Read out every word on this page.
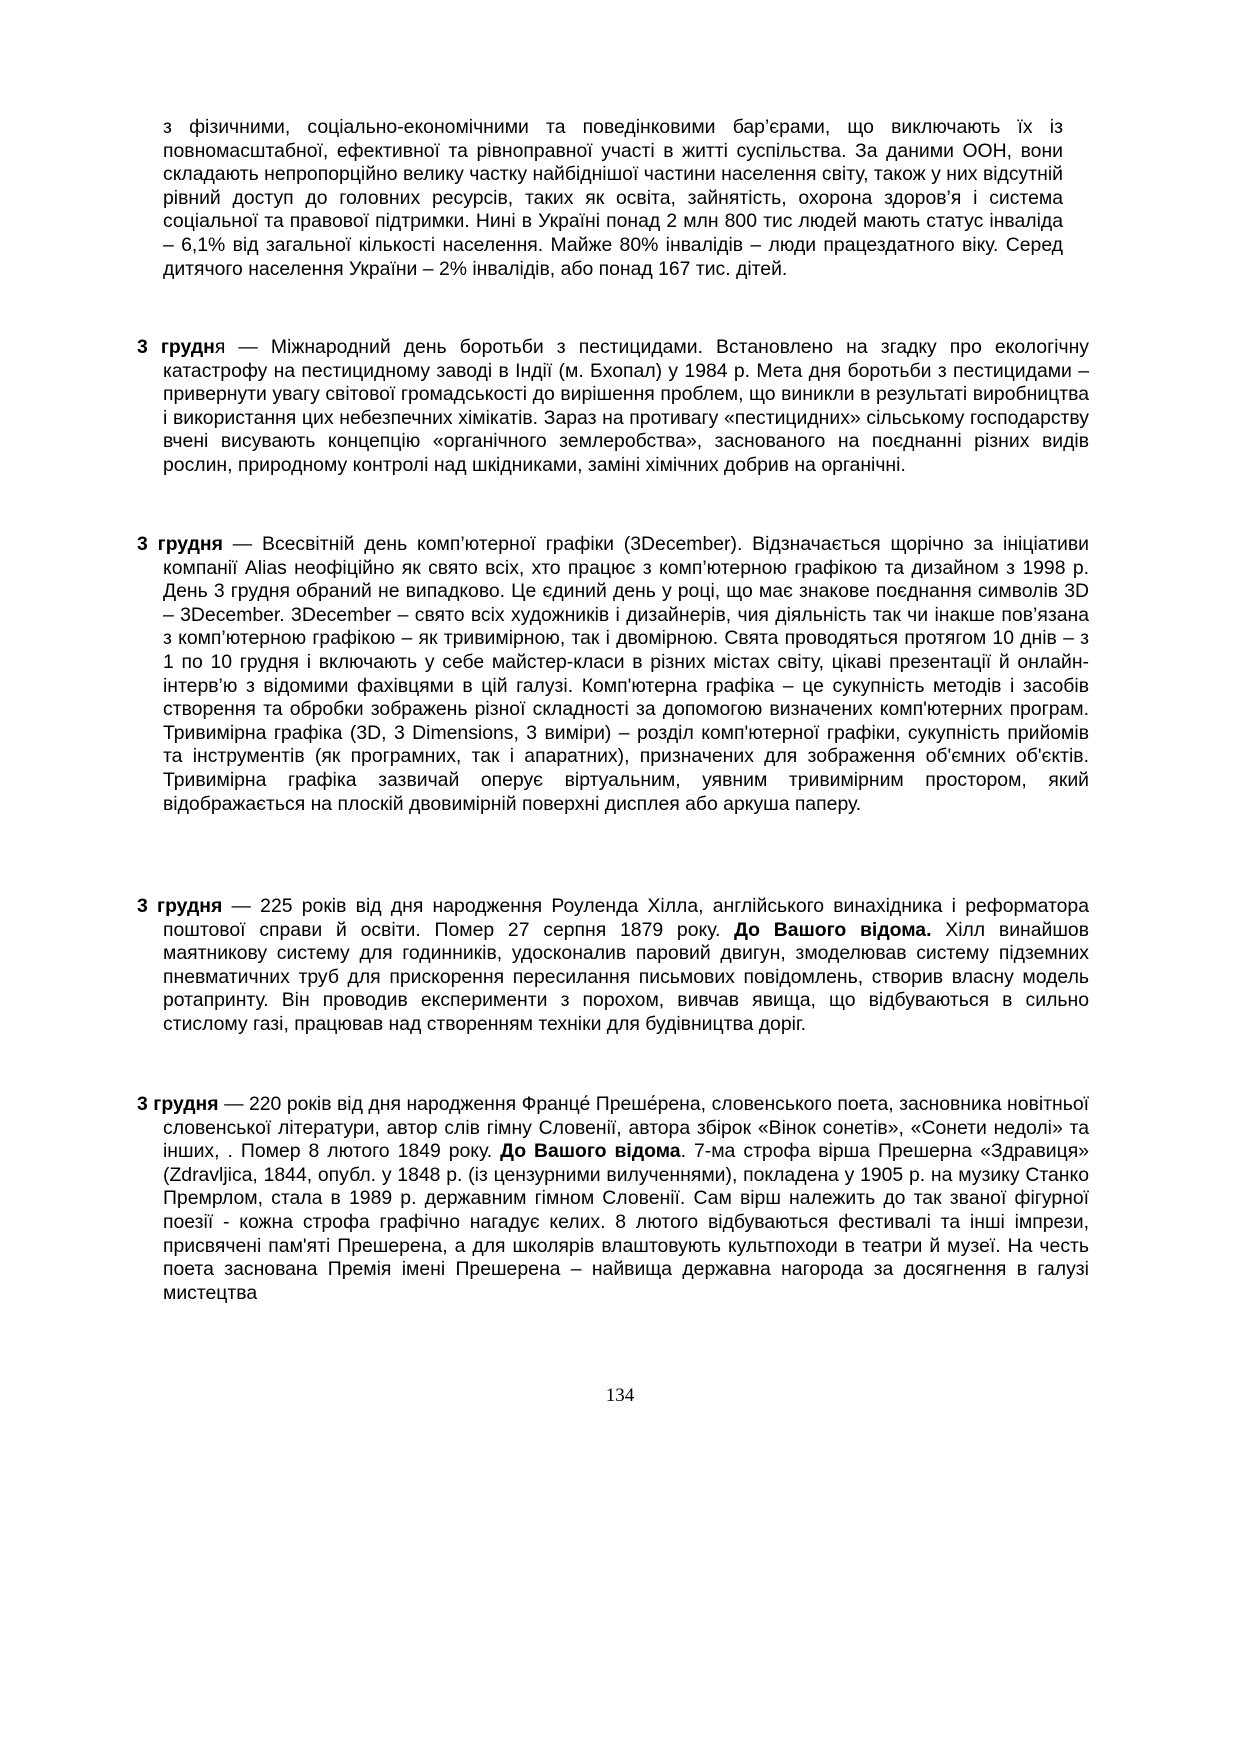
з фізичними, соціально-економічними та поведінковими бар’єрами, що виключають їх із повномасштабної, ефективної та рівноправної участі в житті суспільства. За даними ООН, вони складають непропорційно велику частку найбіднішої частини населення світу, також у них відсутній рівний доступ до головних ресурсів, таких як освіта, зайнятість, охорона здоров’я і система соціальної та правової підтримки. Нині в Україні понад 2 млн 800 тис людей мають статус інваліда – 6,1% від загальної кількості населення. Майже 80% інвалідів – люди працездатного віку. Серед дитячого населення України – 2% інвалідів, або понад 167 тис. дітей.

3 грудня — Міжнародний день боротьби з пестицидами. Встановлено на згадку про екологічну катастрофу на пестицидному заводі в Індії (м. Бхопал) у 1984 р. Мета дня боротьби з пестицидами – привернути увагу світової громадськості до вирішення проблем, що виникли в результаті виробництва і використання цих небезпечних хімікатів. Зараз на противагу «пестицидних» сільському господарству вчені висувають концепцію «органічного землеробства», заснованого на поєднанні різних видів рослин, природному контролі над шкідниками, заміні хімічних добрив на органічні.

3 грудня — Всесвітній день комп’ютерної графіки (3December). Відзначається щорічно за ініціативи компанії Alias неофіційно як свято всіх, хто працює з комп’ютерною графікою та дизайном з 1998 р. День 3 грудня обраний не випадково. Це єдиний день у році, що має знакове поєднання символів 3D – 3December. 3December – свято всіх художників і дизайнерів, чия діяльність так чи інакше пов’язана з комп’ютерною графікою – як тривимірною, так і двомірною. Свята проводяться протягом 10 днів – з 1 по 10 грудня і включають у себе майстер-класи в різних містах світу, цікаві презентації й онлайн-інтерв’ю з відомими фахівцями в цій галузі. Комп'ютерна графіка – це сукупність методів і засобів створення та обробки зображень різної складності за допомогою визначених комп'ютерних програм. Тривимірна графіка (3D, 3 Dimensions, 3 виміри) – розділ комп'ютерної графіки, сукупність прийомів та інструментів (як програмних, так і апаратних), призначених для зображення об'ємних об'єктів. Тривимірна графіка зазвичай оперує віртуальним, уявним тривимірним простором, який відображається на плоскій двовимірній поверхні дисплея або аркуша паперу.

3 грудня — 225 років від дня народження Роуленда Хілла, англійського винахідника і реформатора поштової справи й освіти. Помер 27 серпня 1879 року. До Вашого відома. Хілл винайшов маятникову систему для годинників, удосконалив паровий двигун, змоделював систему підземних пневматичних труб для прискорення пересилання письмових повідомлень, створив власну модель ротапринту. Він проводив експерименти з порохом, вивчав явища, що відбуваються в сильно стислому газі, працював над створенням техніки для будівництва доріг.

3 грудня — 220 років від дня народження Франце́ Преше́рена, словенського поета, засновника новітньої словенської літератури, автор слів гімну Словенії, автора збірок «Вінок сонетів», «Сонети недолі» та інших, . Помер 8 лютого 1849 року. До Вашого відома. 7-ма строфа вірша Прешерна «Здравиця» (Zdravljica, 1844, опубл. у 1848 р. (із цензурними вилученнями), покладена у 1905 р. на музику Станко Премрлом, стала в 1989 р. державним гімном Словенії. Сам вірш належить до так званої фігурної поезії - кожна строфа графічно нагадує келих. 8 лютого відбуваються фестивалі та інші імпрези, присвячені пам'яті Прешерена, а для школярів влаштовують культпоходи в театри й музеї. На честь поета заснована Премія імені Прешерена – найвища державна нагорода за досягнення в галузі мистецтва

134
